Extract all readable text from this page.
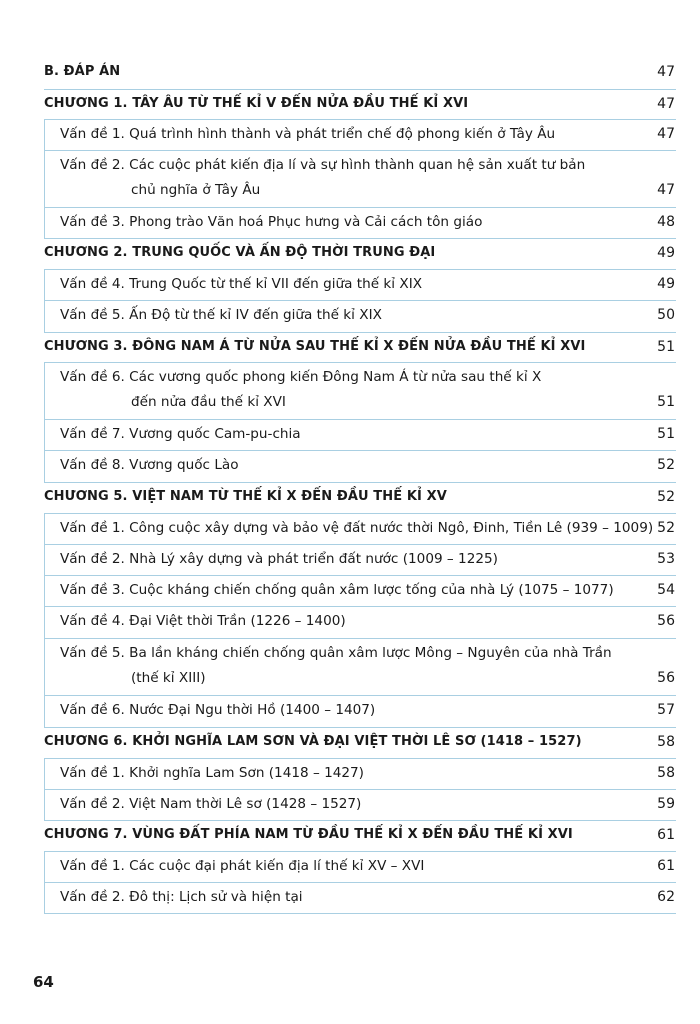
B. ĐÁP ÁN	47
CHƯƠNG 1. TÂY ÂU TỪ THẾ KỈ V ĐẾN NỬA ĐẦU THẾ KỈ XVI	47
Vấn đề 1. Quá trình hình thành và phát triển chế độ phong kiến ở Tây Âu	47
Vấn đề 2. Các cuộc phát kiến địa lí và sự hình thành quan hệ sản xuất tư bản
chủ nghĩa ở Tây Âu	47
Vấn đề 3. Phong trào Văn hoá Phục hưng và Cải cách tôn giáo	48
CHƯƠNG 2. TRUNG QUỐC VÀ ẤN ĐỘ THỜI TRUNG ĐẠI	49
Vấn đề 4. Trung Quốc từ thế kỉ VII đến giữa thế kỉ XIX	49
Vấn đề 5. Ấn Độ từ thế kỉ IV đến giữa thế kỉ XIX	50
CHƯƠNG 3. ĐÔNG NAM Á TỪ NỬA SAU THẾ KỈ X ĐẾN NỬA ĐẦU THẾ KỈ XVI	51
Vấn đề 6. Các vương quốc phong kiến Đông Nam Á từ nửa sau thế kỉ X
đến nửa đầu thế kỉ XVI	51
Vấn đề 7. Vương quốc Cam-pu-chia	51
Vấn đề 8. Vương quốc Lào	52
CHƯƠNG 5. VIỆT NAM TỪ THẾ KỈ X ĐẾN ĐẦU THẾ KỈ XV	52
Vấn đề 1. Công cuộc xây dựng và bảo vệ đất nước thời Ngô, Đinh, Tiền Lê (939 – 1009) 52
Vấn đề 2. Nhà Lý xây dựng và phát triển đất nước (1009 – 1225)	53
Vấn đề 3. Cuộc kháng chiến chống quân xâm lược tống của nhà Lý (1075 – 1077)	54
Vấn đề 4. Đại Việt thời Trần (1226 – 1400)	56
Vấn đề 5. Ba lần kháng chiến chống quân xâm lược Mông – Nguyên của nhà Trần
(thế kỉ XIII)	56
Vấn đề 6. Nước Đại Ngu thời Hồ (1400 – 1407)	57
CHƯƠNG 6. KHỞI NGHĨA LAM SƠN VÀ ĐẠI VIỆT THỜI LÊ SƠ (1418 – 1527)	58
Vấn đề 1. Khởi nghĩa Lam Sơn (1418 – 1427)	58
Vấn đề 2. Việt Nam thời Lê sơ (1428 – 1527)	59
CHƯƠNG 7. VÙNG ĐẤT PHÍA NAM TỪ ĐẦU THẾ KỈ X ĐẾN ĐẦU THẾ KỈ XVI	61
Vấn đề 1. Các cuộc đại phát kiến địa lí thế kỉ XV – XVI	61
Vấn đề 2. Đô thị: Lịch sử và hiện tại	62
64
